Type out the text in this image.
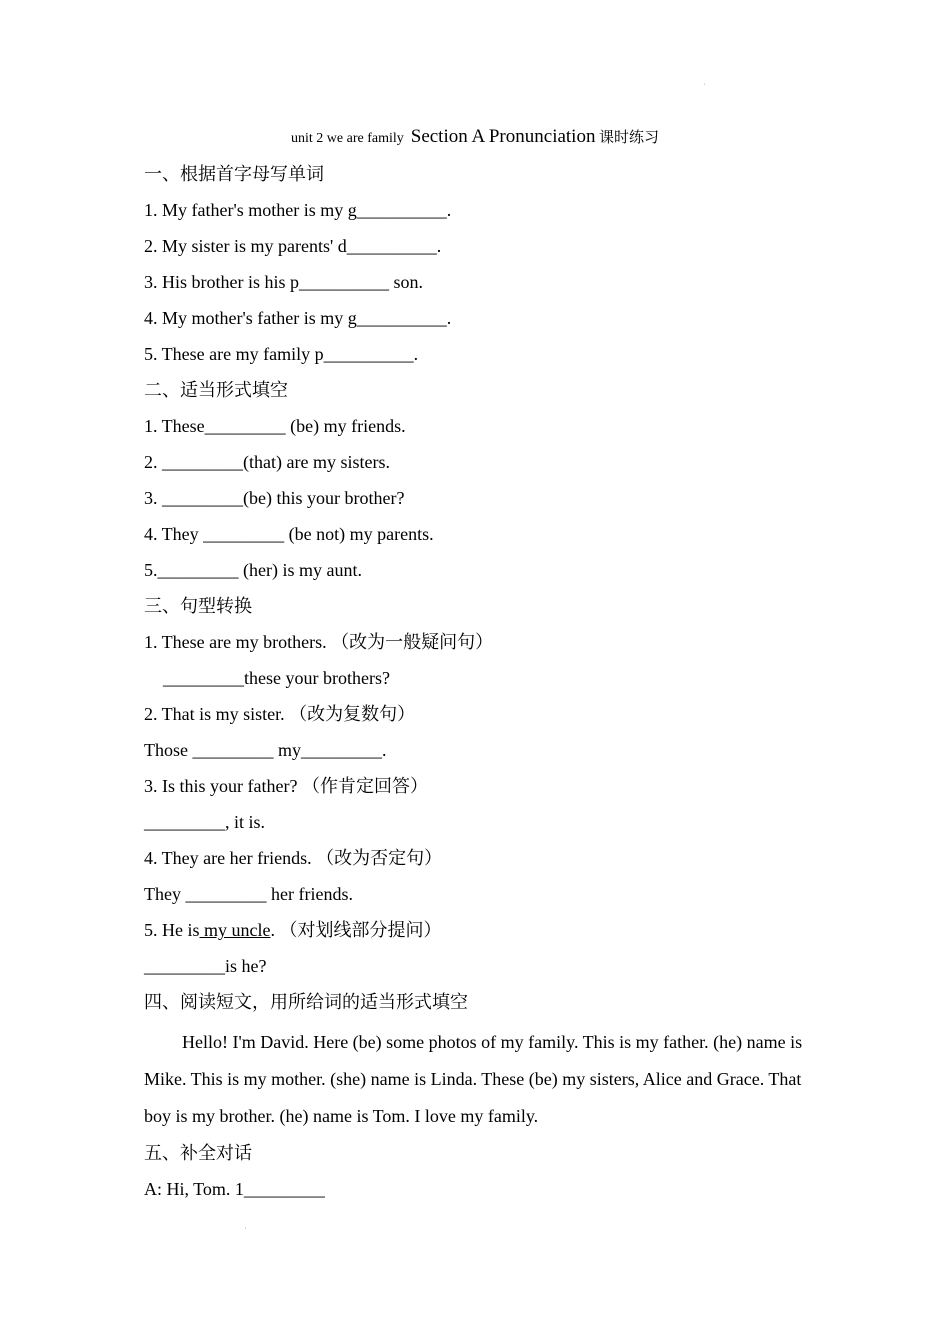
ˌ
unit 2 we are family Section A Pronunciation 课时练习
一、根据首字母写单词
1. My father's mother is my g__________.
2. My sister is my parents' d__________.
3. His brother is his p__________ son.
4. My mother's father is my g__________.
5. These are my family p__________.
二、适当形式填空
1. These_________ (be) my friends.
2. _________(that) are my sisters.
3. _________(be) this your brother?
4. They _________ (be not) my parents.
5._________ (her) is my aunt.
三、句型转换
1. These are my brothers. （改为一般疑问句）
_________these your brothers?
2. That is my sister. （改为复数句）
Those _________ my_________.
3. Is this your father? （作肯定回答）
_________, it is.
4. They are her friends. （改为否定句）
They _________ her friends.
5. He is my uncle. （对划线部分提问）
_________is he?
四、阅读短文，用所给词的适当形式填空

Hello! I'm David. Here (be) some photos of my family. This is my father. (he) name is Mike. This is my mother. (she) name is Linda. These (be) my sisters, Alice and Grace. That boy is my brother. (he) name is Tom. I love my family.

五、补全对话
A: Hi, Tom. 1_________
ˌ
